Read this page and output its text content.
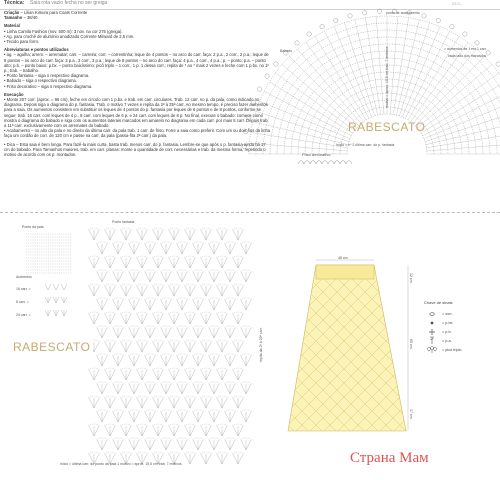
Técnica: Saia rota vazio fecha no ser greiga	03 0...

Criação – Lilian Kimura para Coats Corrente

Tamanho – 38/40

Material

• Linha Camila Fashion (nov. 500 m): 3 nov. na cor 275 (greiga).

• Ag. para crochê de alumínio anodizado Corrente Milward de 2,5 mm.

• Tecido para forro.

Abreviaturas e pontos utilizados

• ag. – agulha; arrem. – arrematar; carr. – carreira; corr. – correntinha; leque de 4 pontos – no arco do carr. faça: 2 p.a., 2 corr., 2 p.a.; leque de 6 pontos – no arco do carr. faça: 3 p.a., 3 corr., 3 p.a.; leque de 8 pontos – no arco do carr. faça: 4 p.a., 4 corr., 4 p.a.; p. – ponto; p.a. – ponto alto; p.b. – ponto baixo; p.bx. – ponto baixíssimo; picô triplo – 1 corr., 1 p. 1 dessa corr.; repita de * ao * mais 2 vezes e feche com 1 p.bx. no 1º p.; trab. – trabalho.

• Ponto fantasia – siga o respectivo diagrama.

• Babado – siga o respectivo diagrama.

• Friso decorativo – siga o respectivo diagrama.

Execução

• Monte 207 corr. (aprox. = 96 cm), feche em círculo com 1 p.bx. e trab. em carr. circulares. Trab. 12 carr. no p. da pala, como indicado no diagrama. Depois siga o diagrama do p. fantasia. Trab. o motivo 7 vezes e repita da 2ª à 25ª carr. Ao mesmo tempo, é preciso fazer aumentos para a saia. Os aumentos consistem em substituir os leques de 4 pontos do p. fantasia por leques de 6 pontos e de 8 pontos, conforme se segue: trab. 16 carr. com leques de 4 p., 8 carr. com leques de 6 p. e 24 carr. com leques de 8 p. No final, execute o babado: comece como mostra o diagrama do babado e siga com os aumentos laterais marcados em amarelo no diagrama em cada carr. por mais 5 carr. Depois trab. a 11ª carr. exclusivamente com os arremates do babado.

• Acabamento – no alto da pala e no direito da última carr. da pala trab. 1 carr. de friso. Forre a saia como preferir. Com um ou dois fios da linha faça um cordão de corr. de 120 cm e passe na carr. da pala (passa-fita 2ª carr.) da pala.

• Dica – Esta saia é bem longa. Para fazê-la mais curta, basta trab. menos carr. do p. fantasia. Lembre-se que após o p. fantasia ainda há 17 cm do babado. Para Tamanhos maiores, trab. em carr. planas: monte a quantidade de corr. necessárias e trab. da mesma forma, repetindo o motivo de acordo com os p. montados.

Babado
ponto de acabamento
= aumentos de 1 em 1 carr.
cada lado dos marcados
início = nº 2 última carr. do p. fantasia
motivo = aprox. 15,5 cm trab. 7 motivos
RABESCATO
Friso decorativo
Ponto da pala
Ponto fantasia
Aumentos
16 carr. =
8 carr. =
24 carr. =
repita da 2ª à 25ª carr.
RABESCATO
início = última carr. do ponto da pala 1 motivo = aprox. 15,5 cm trab. 7 motivos
48 cm
12 cm
65 cm
17 cm
Chave de sinais
= corr.
= p.bx.
= p.b.
= p.a.
= picô triplo
Страна Мам
